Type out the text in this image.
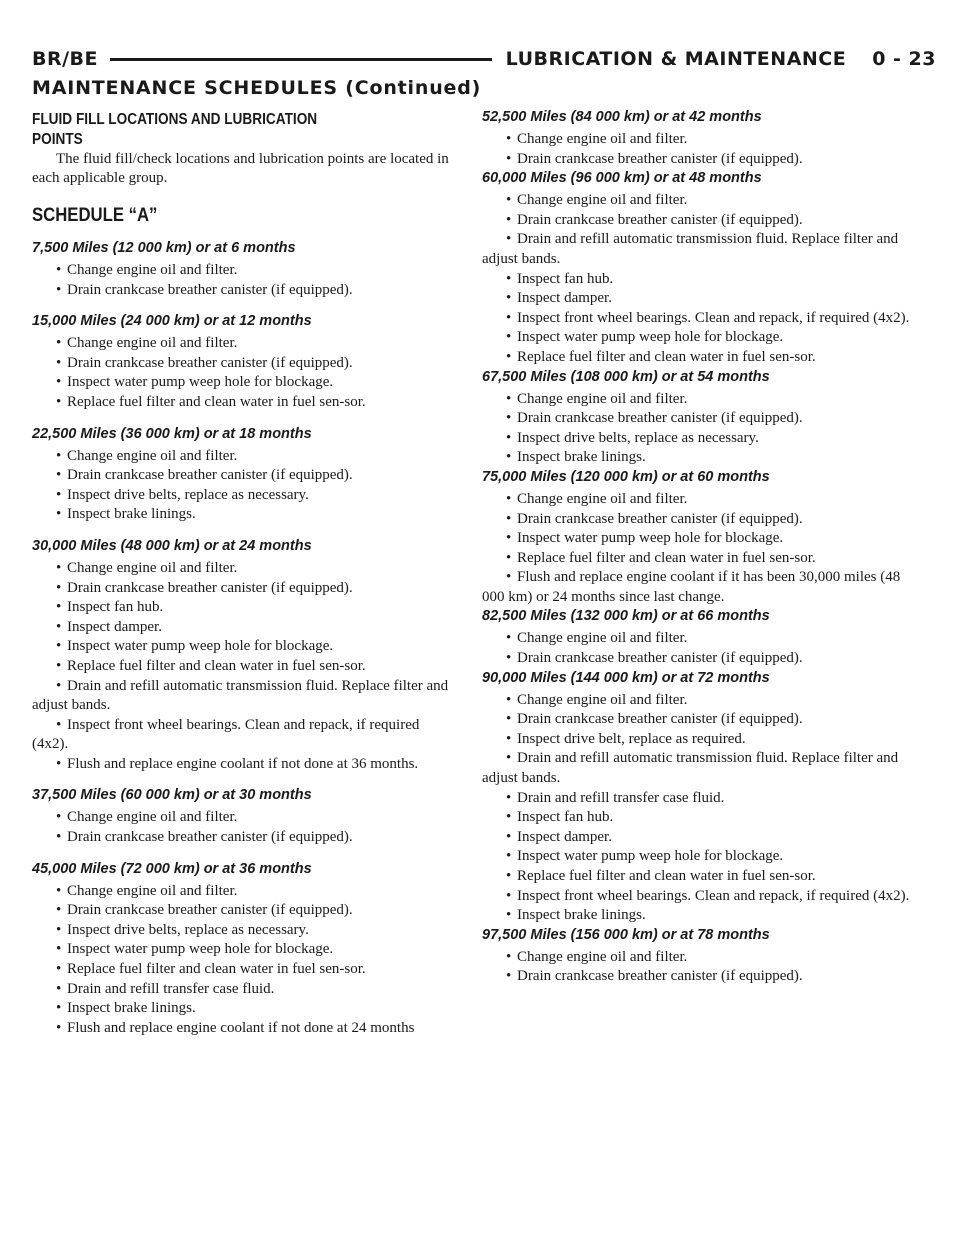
BR/BE	LUBRICATION & MAINTENANCE 0 - 23
MAINTENANCE SCHEDULES (Continued)

FLUID FILL LOCATIONS AND LUBRICATION

POINTS

The fluid fill/check locations and lubrication points are located in each applicable group.

SCHEDULE “A”

7,500 Miles (12 000 km) or at 6 months

• Change engine oil and filter.
• Drain crankcase breather canister (if equipped).

15,000 Miles (24 000 km) or at 12 months

• Change engine oil and filter.
• Drain crankcase breather canister (if equipped).
• Inspect water pump weep hole for blockage.
• Replace fuel filter and clean water in fuel sen-sor.

22,500 Miles (36 000 km) or at 18 months

• Change engine oil and filter.
• Drain crankcase breather canister (if equipped).
• Inspect drive belts, replace as necessary.
• Inspect brake linings.

30,000 Miles (48 000 km) or at 24 months

• Change engine oil and filter.
• Drain crankcase breather canister (if equipped).
• Inspect fan hub.
• Inspect damper.
• Inspect water pump weep hole for blockage.
• Replace fuel filter and clean water in fuel sen-sor.
• Drain and refill automatic transmission fluid. Replace filter and adjust bands.
• Inspect front wheel bearings. Clean and repack, if required (4x2).
• Flush and replace engine coolant if not done at 36 months.

37,500 Miles (60 000 km) or at 30 months

• Change engine oil and filter.
• Drain crankcase breather canister (if equipped).

45,000 Miles (72 000 km) or at 36 months

• Change engine oil and filter.
• Drain crankcase breather canister (if equipped).
• Inspect drive belts, replace as necessary.
• Inspect water pump weep hole for blockage.
• Replace fuel filter and clean water in fuel sen-sor.
• Drain and refill transfer case fluid.
• Inspect brake linings.
• Flush and replace engine coolant if not done at 24 months

52,500 Miles (84 000 km) or at 42 months

• Change engine oil and filter.
• Drain crankcase breather canister (if equipped).

60,000 Miles (96 000 km) or at 48 months

• Change engine oil and filter.
• Drain crankcase breather canister (if equipped).
• Drain and refill automatic transmission fluid. Replace filter and adjust bands.
• Inspect fan hub.
• Inspect damper.
• Inspect front wheel bearings. Clean and repack, if required (4x2).
• Inspect water pump weep hole for blockage.
• Replace fuel filter and clean water in fuel sen-sor.

67,500 Miles (108 000 km) or at 54 months

• Change engine oil and filter.
• Drain crankcase breather canister (if equipped).
• Inspect drive belts, replace as necessary.
• Inspect brake linings.

75,000 Miles (120 000 km) or at 60 months

• Change engine oil and filter.
• Drain crankcase breather canister (if equipped).
• Inspect water pump weep hole for blockage.
• Replace fuel filter and clean water in fuel sen-sor.
• Flush and replace engine coolant if it has been 30,000 miles (48 000 km) or 24 months since last change.

82,500 Miles (132 000 km) or at 66 months

• Change engine oil and filter.
• Drain crankcase breather canister (if equipped).

90,000 Miles (144 000 km) or at 72 months

• Change engine oil and filter.
• Drain crankcase breather canister (if equipped).
• Inspect drive belt, replace as required.
• Drain and refill automatic transmission fluid. Replace filter and adjust bands.
• Drain and refill transfer case fluid.
• Inspect fan hub.
• Inspect damper.
• Inspect water pump weep hole for blockage.
• Replace fuel filter and clean water in fuel sen-sor.
• Inspect front wheel bearings. Clean and repack, if required (4x2).
• Inspect brake linings.

97,500 Miles (156 000 km) or at 78 months

• Change engine oil and filter.
• Drain crankcase breather canister (if equipped).
